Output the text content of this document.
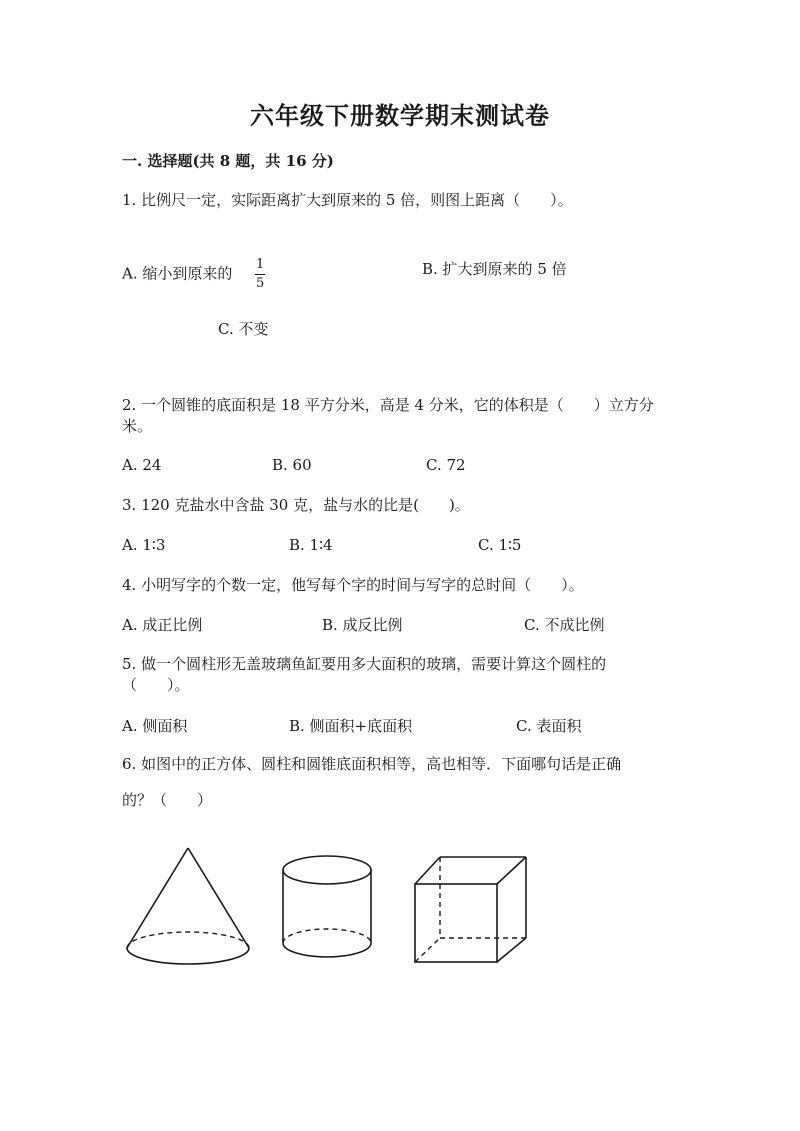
六年级下册数学期末测试卷
一. 选择题(共 8 题，共 16 分)
1. 比例尺一定，实际距离扩大到原来的 5 倍，则图上距离（　　）。
A. 缩小到原来的 $\frac{1}{5}$	B. 扩大到原来的 5 倍
C. 不变
2. 一个圆锥的底面积是 18 平方分米，高是 4 分米，它的体积是（　　）立方分
米。
A. 24	B. 60	C. 72
3. 120 克盐水中含盐 30 克，盐与水的比是(　　)。
A. 1∶3	B. 1∶4	C. 1∶5
4. 小明写字的个数一定，他写每个字的时间与写字的总时间（　　）。
A. 成正比例	B. 成反比例	C. 不成比例
5. 做一个圆柱形无盖玻璃鱼缸要用多大面积的玻璃，需要计算这个圆柱的
（　　）。
A. 侧面积	B. 侧面积+底面积	C. 表面积
6. 如图中的正方体、圆柱和圆锥底面积相等，高也相等．下面哪句话是正确
的？（　　）
